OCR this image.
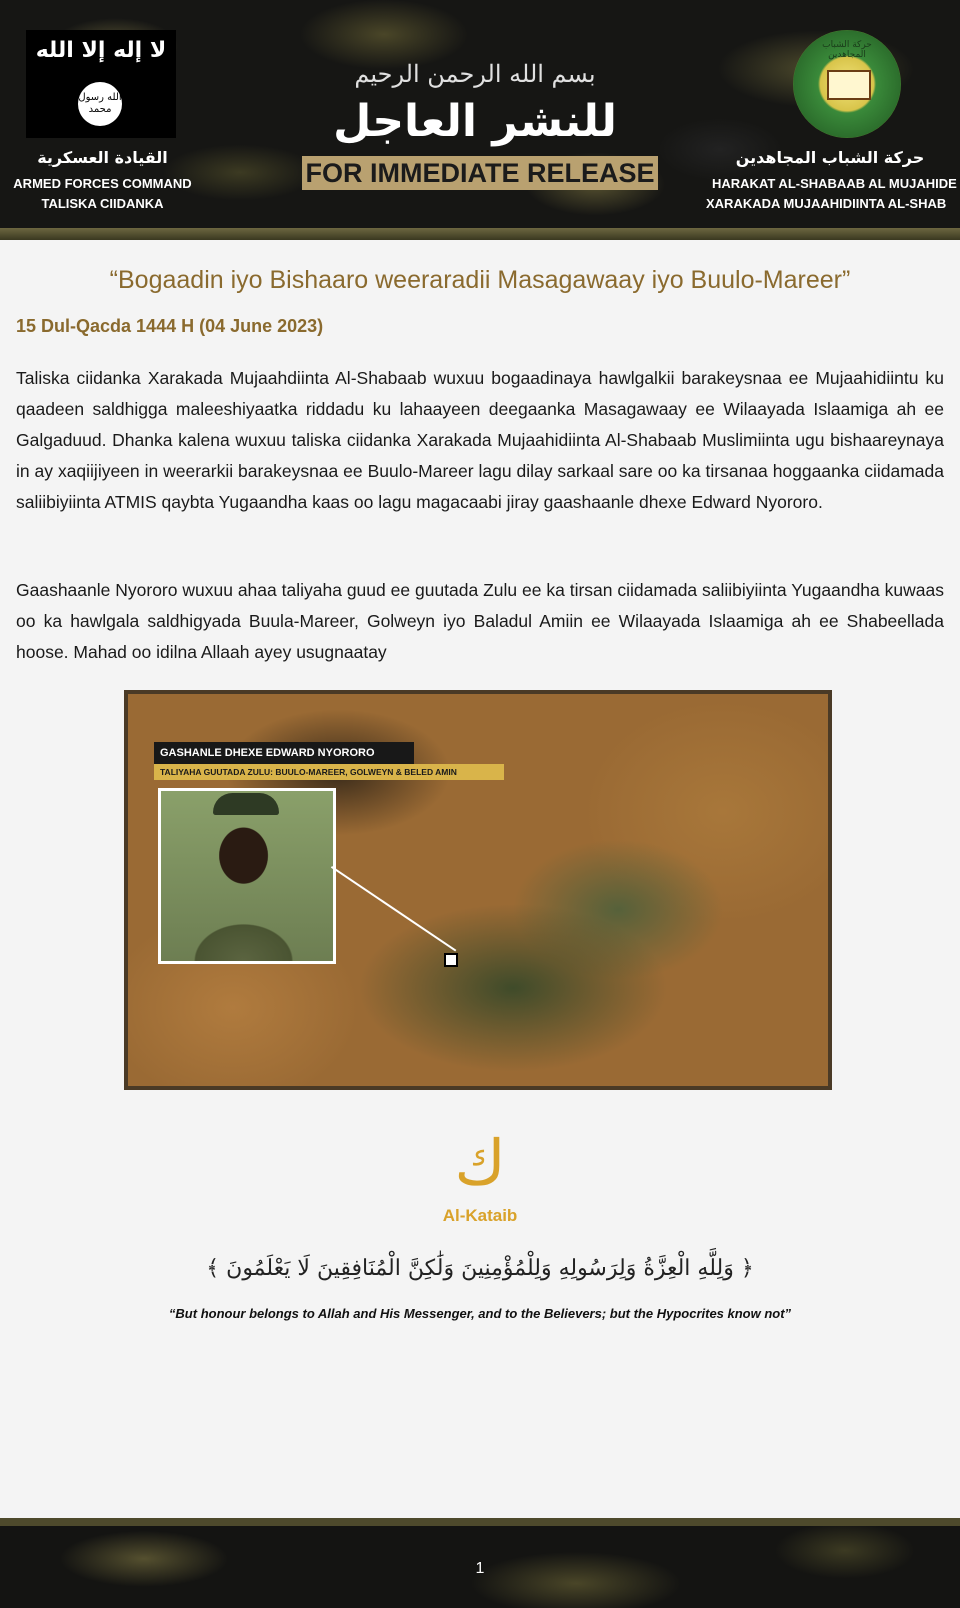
لا إله إلا الله
الله رسول محمد
القيادة العسكرية
ARMED FORCES COMMAND
TALISKA CIIDANKA
بسم الله الرحمن الرحيم
للنشر العاجل
FOR IMMEDIATE RELEASE
حركة الشباب المجاهدين
حركة الشباب المجاهدين
HARAKAT AL-SHABAAB AL MUJAHIDE
XARAKADA MUJAAHIDIINTA AL-SHAB
“Bogaadin iyo Bishaaro weeraradii Masagawaay iyo Buulo-Mareer”
15 Dul-Qacda 1444 H (04 June 2023)
Taliska ciidanka Xarakada Mujaahdiinta Al-Shabaab wuxuu bogaadinaya hawlgalkii barakeysnaa ee Mujaahidiintu ku qaadeen saldhigga maleeshiyaatka riddadu ku lahaayeen deegaanka Masagawaay ee Wilaayada Islaamiga ah ee Galgaduud. Dhanka kalena wuxuu taliska ciidanka Xarakada Mujaahidiinta Al-Shabaab Muslimiinta ugu bishaareynaya in ay xaqiijiyeen in weerarkii barakeysnaa ee Buulo-Mareer lagu dilay sarkaal sare oo ka tirsanaa hoggaanka ciidamada saliibiyiinta ATMIS qaybta Yugaandha kaas oo lagu magacaabi jiray gaashaanle dhexe Edward Nyororo.
Gaashaanle Nyororo wuxuu ahaa taliyaha guud ee guutada Zulu ee ka tirsan ciidamada saliibiyiinta Yugaandha kuwaas oo ka hawlgala saldhigyada Buula-Mareer, Golweyn iyo Baladul Amiin ee Wilaayada Islaamiga ah ee Shabeellada hoose. Mahad oo idilna Allaah ayey usugnaatay
GASHANLE DHEXE EDWARD NYORORO
TALIYAHA GUUTADA ZULU: BUULO-MAREER, GOLWEYN & BELED AMIN
ك
Al-Kataib
﴿ وَلِلَّهِ الْعِزَّةُ وَلِرَسُولِهِ وَلِلْمُؤْمِنِينَ وَلَٰكِنَّ الْمُنَافِقِينَ لَا يَعْلَمُونَ ﴾
“But honour belongs to Allah and His Messenger, and to the Believers; but the Hypocrites know not”
1
